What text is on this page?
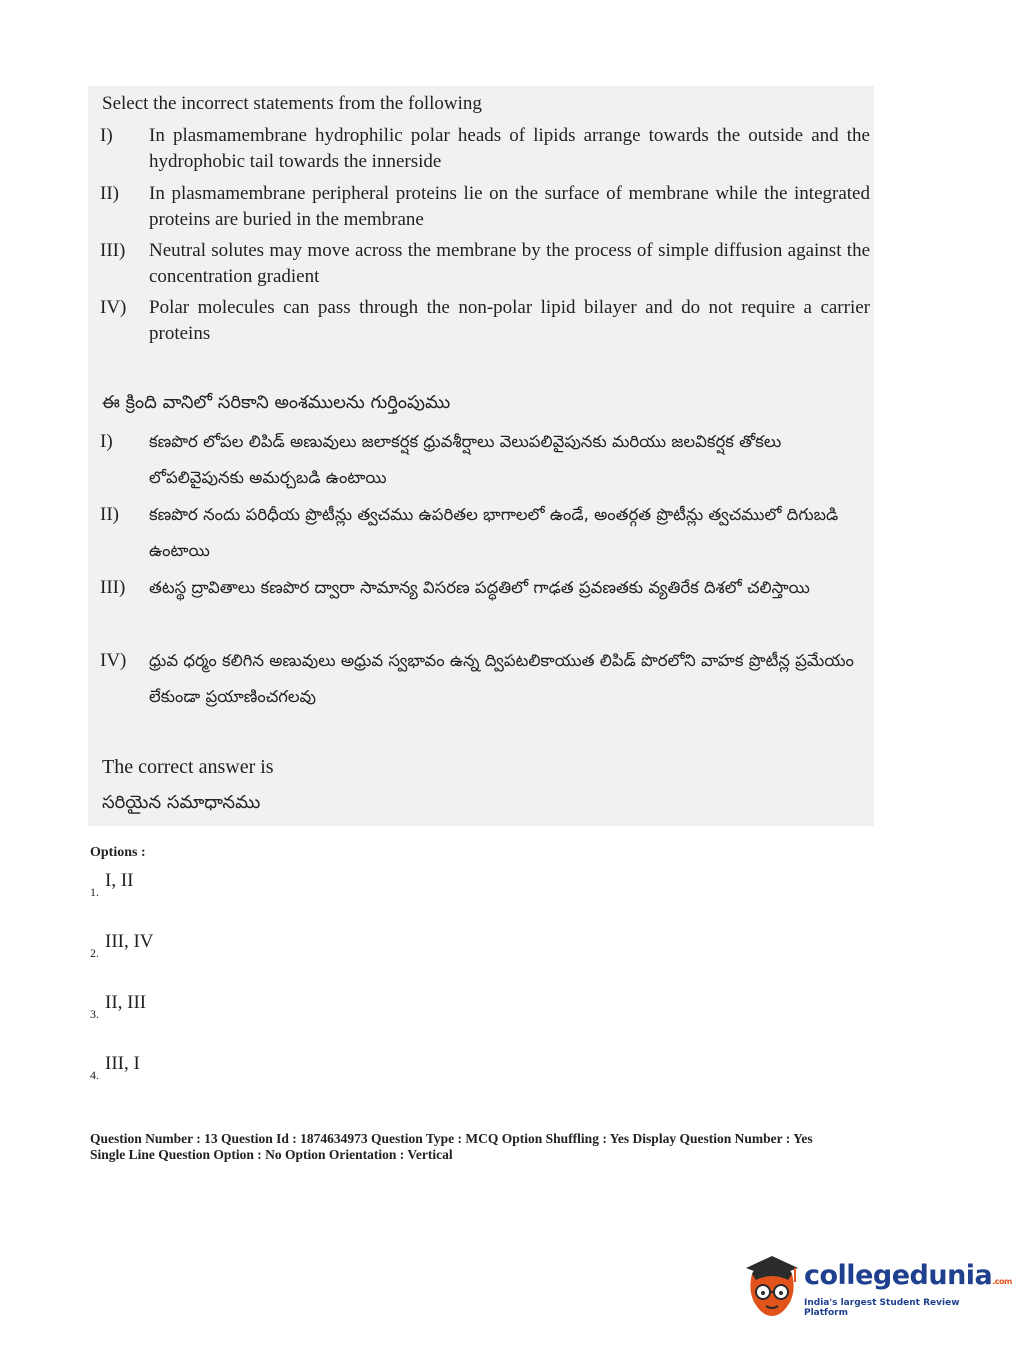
Select the incorrect statements from the following
I)	In plasmamembrane hydrophilic polar heads of lipids arrange towards the outside and the hydrophobic tail towards the innerside
II)	In plasmamembrane peripheral proteins lie on the surface of membrane while the integrated proteins are buried in the membrane
III)	Neutral solutes may move across the membrane by the process of simple diffusion against the concentration gradient
IV)	Polar molecules can pass through the non-polar lipid bilayer and do not require a carrier proteins
ఈ క్రింది వానిలో సరికాని అంశములను గుర్తింపుము
I)	కణపొర లోపల లిపిడ్ అణువులు జలాకర్షక ధ్రువశీర్షాలు వెలుపలివైపునకు మరియు జలవికర్షక తోకలు లోపలివైపునకు అమర్చబడి ఉంటాయి
II)	కణపొర నందు పరిధీయ ప్రొటీన్లు త్వచము ఉపరితల భాగాలలో ఉండే, అంతర్గత ప్రొటీన్లు త్వచములో దిగుబడి ఉంటాయి
III)	తటస్థ ద్రావితాలు కణపొర ద్వారా సామాన్య విసరణ పద్ధతిలో గాఢత ప్రవణతకు వ్యతిరేక దిశలో చలిస్తాయి
IV)	ధ్రువ ధర్మం కలిగిన అణువులు అధ్రువ స్వభావం ఉన్న ద్విపటలికాయుత లిపిడ్ పొరలోని వాహక ప్రొటీన్ల ప్రమేయం లేకుండా ప్రయాణించగలవు
The correct answer is
సరియైన సమాధానము
Options :
$_{1.}$I, II
$_{2.}$III, IV
$_{3.}$II, III
$_{4.}$III, I
Question Number : 13 Question Id : 1874634973 Question Type : MCQ Option Shuffling : Yes Display Question Number : Yes
Single Line Question Option : No Option Orientation : Vertical
collegedunia.com
India's largest Student Review Platform
